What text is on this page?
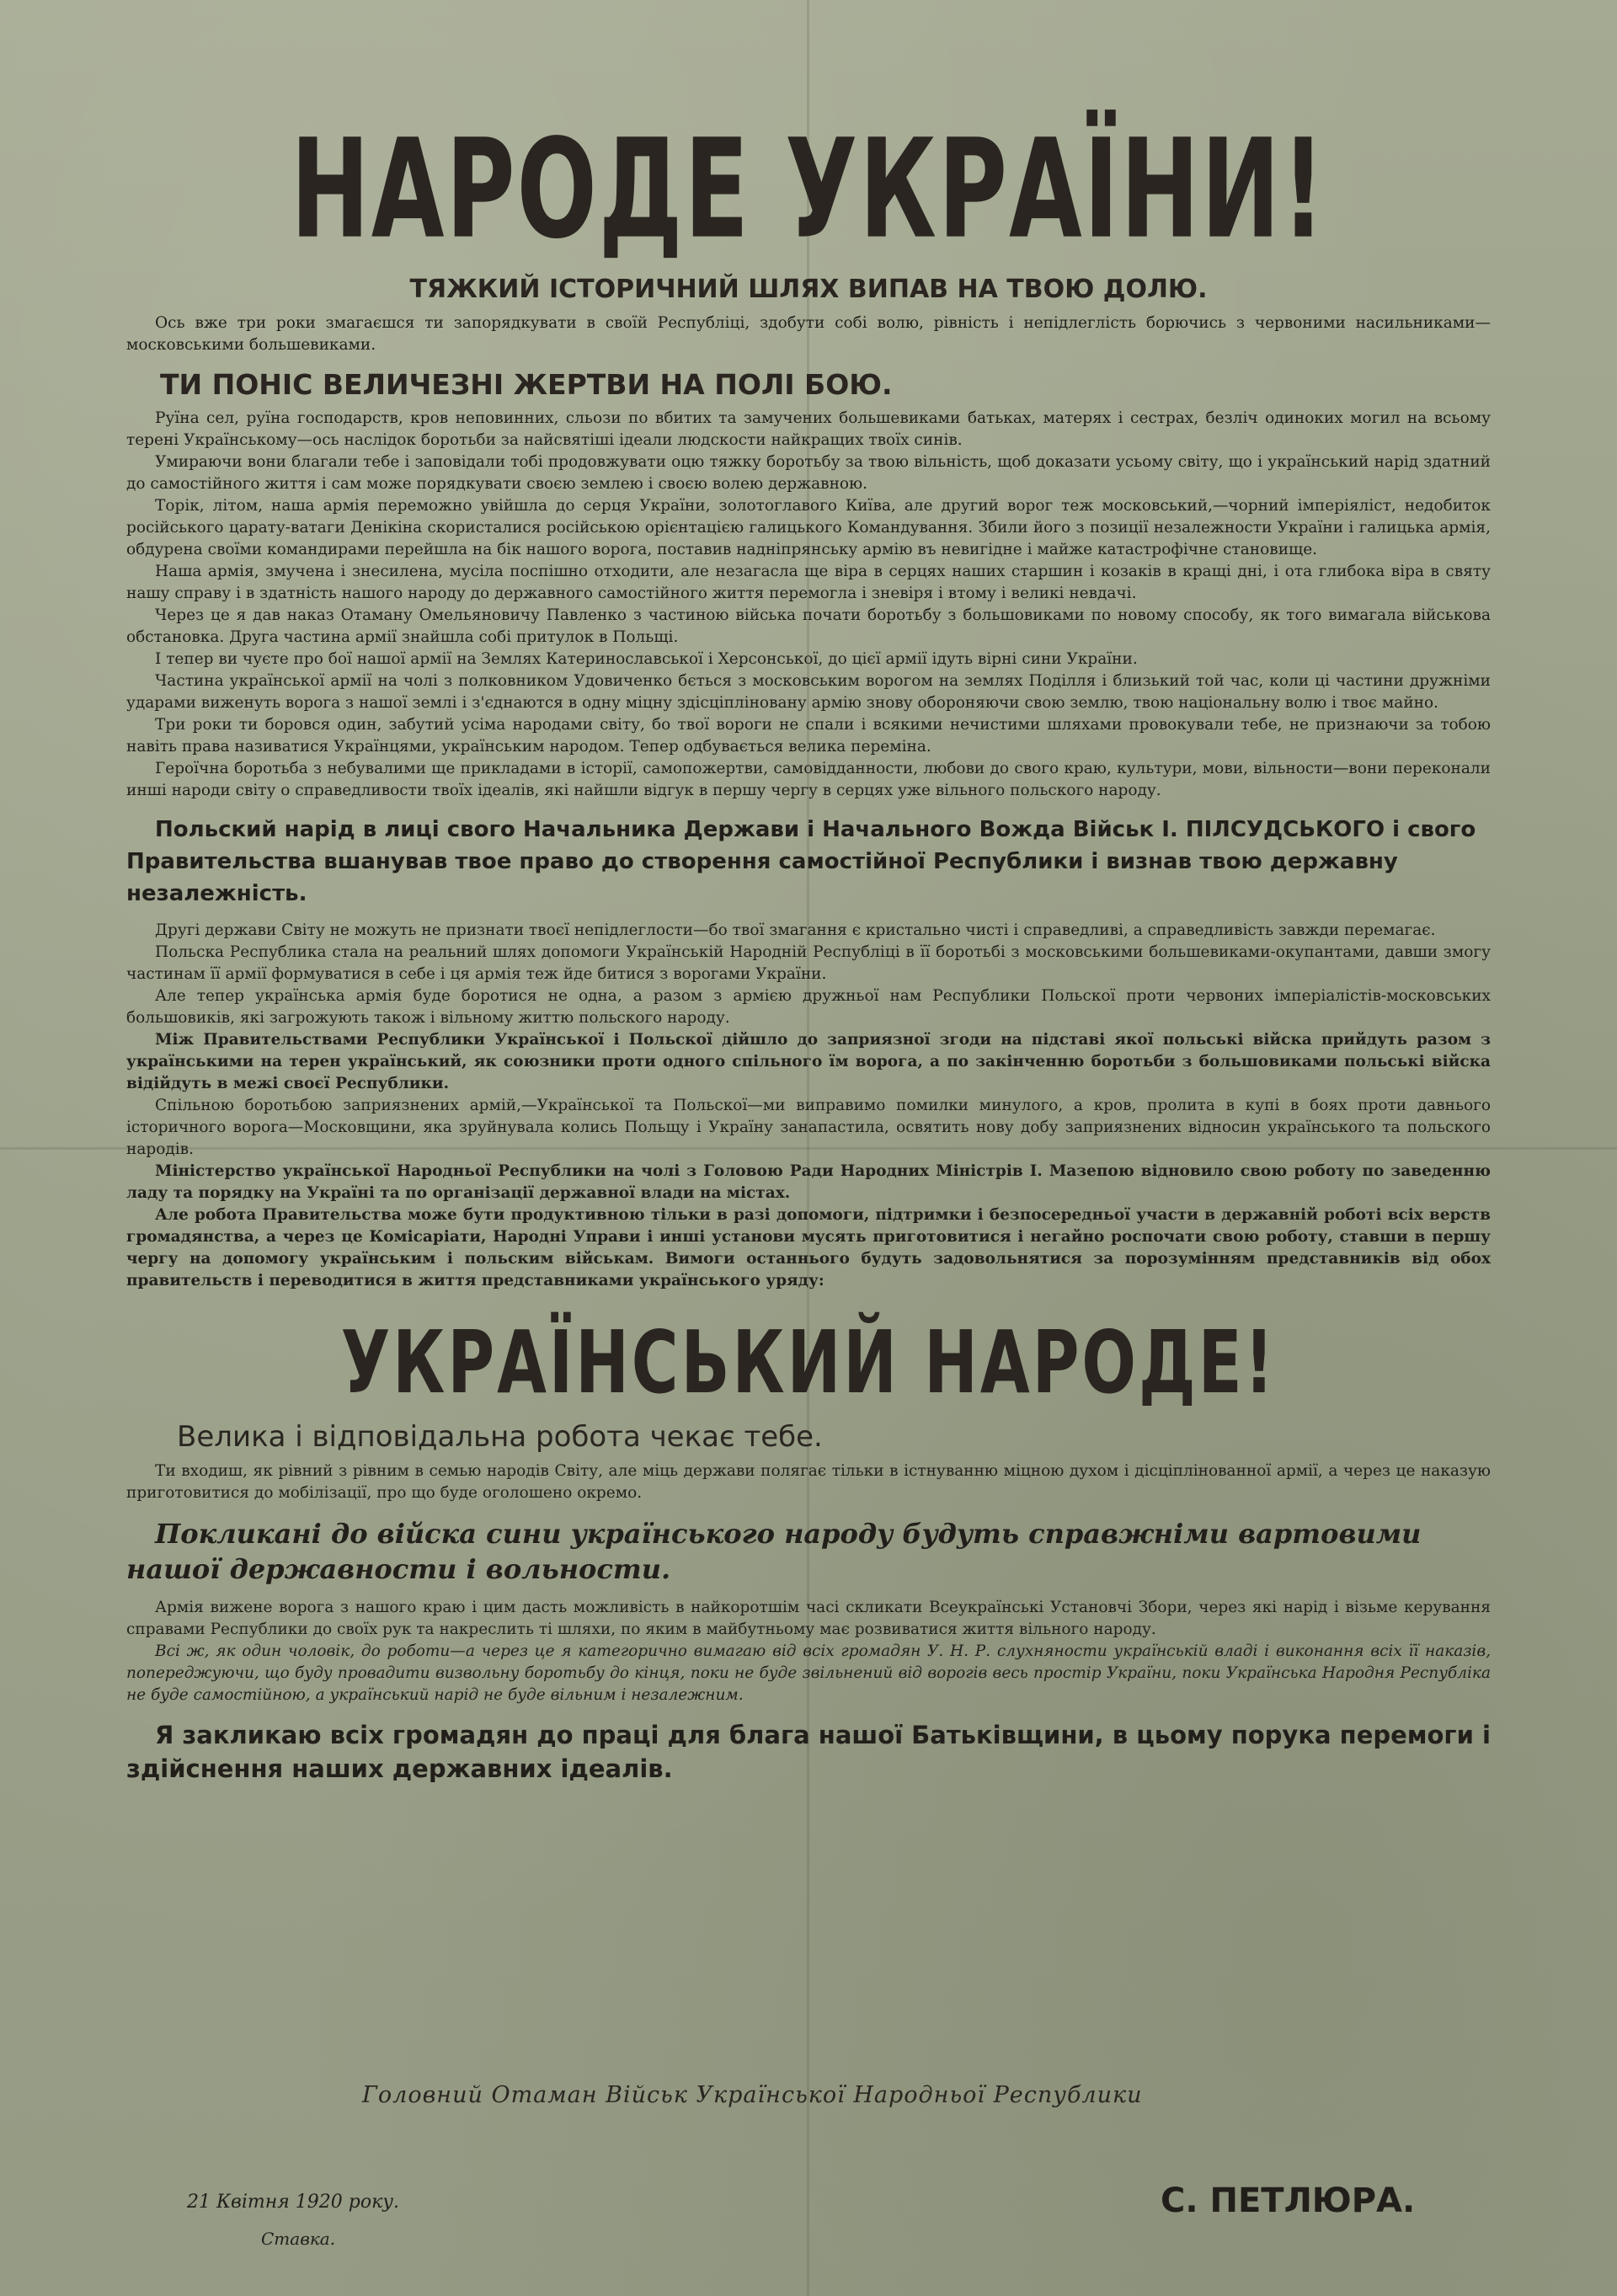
НАРОДЕ УКРАЇНИ!

ТЯЖКИЙ ІСТОРИЧНИЙ ШЛЯХ ВИПАВ НА ТВОЮ ДОЛЮ.

Ось вже три роки змагаєшся ти запорядкувати в своїй Республіці, здобути собі волю, рівність і непідлеглість борючись з червоними насильниками—московськими большевиками.

ТИ ПОНІС ВЕЛИЧЕЗНІ ЖЕРТВИ НА ПОЛІ БОЮ.

Руїна сел, руїна господарств, кров неповинних, сльози по вбитих та замучених большевиками батьках, матерях і сестрах, безліч одиноких могил на всьому терені Українському—ось наслідок боротьби за найсвятіші ідеали людскости найкращих твоїх синів.

Умираючи вони благали тебе і заповідали тобі продовжувати оцю тяжку боротьбу за твою вільність, щоб доказати усьому світу, що і український нарід здатний до самостійного життя і сам може порядкувати своєю землею і своєю волею державною.

Торік, літом, наша армія переможно увійшла до серця України, золотоглавого Київа, але другий ворог теж московський,—чорний імперіяліст, недобиток російського царату-ватаги Денікіна скористалися російською орієнтацією галицького Командування. Збили його з позиції незалежности України і галицька армія, обдурена своїми командирами перейшла на бік нашого ворога, поставив надніпрянську армію въ невигідне і майже катастрофічне становище.

Наша армія, змучена і знесилена, мусіла поспішно отходити, але незагасла ще віра в серцях наших старшин і козаків в кращі дні, і ота глибока віра в святу нашу справу і в здатність нашого народу до державного самостійного життя перемогла і зневіря і втому і великі невдачі.

Через це я дав наказ Отаману Омельяновичу Павленко з частиною війська почати боротьбу з большовиками по новому способу, як того вимагала військова обстановка. Друга частина армії знайшла собі притулок в Польщі.

І тепер ви чуєте про бої нашої армії на Землях Катеринославської і Херсонської, до цієї армії ідуть вірні сини України.

Частина української армії на чолі з полковником Удовиченко бється з московським ворогом на землях Поділля і близький той час, коли ці частини дружніми ударами виженуть ворога з нашої землі і з'єднаются в одну міцну здісціпліновану армію знову обороняючи свою землю, твою національну волю і твоє майно.

Три роки ти боровся один, забутий усіма народами світу, бо твої вороги не спали і всякими нечистими шляхами провокували тебе, не признаючи за тобою навіть права називатися Українцями, українським народом. Тепер одбувається велика переміна.

Героїчна боротьба з небувалими ще прикладами в історії, самопожертви, самовідданности, любови до свого краю, культури, мови, вільности—вони переконали инші народи світу о справедливости твоїх ідеалів, які найшли відгук в першу чергу в серцях уже вільного польского народу.

Польский нарід в лиці свого Начальника Держави і Начального Вожда Військ І. ПІЛСУДСЬКОГО і свого Правительства вшанував твое право до створення самостійної Республики і визнав твою державну незалежність.

Другі держави Світу не можуть не признати твоєї непідлеглости—бо твої змагання є кристально чисті і справедливі, а справедливість завжди перемагає.

Польска Республика стала на реальний шлях допомоги Українській Народній Республіці в її боротьбі з московськими большевиками-окупантами, давши змогу частинам її армії формуватися в себе і ця армія теж йде битися з ворогами України.

Але тепер українська армія буде боротися не одна, а разом з армією дружньої нам Республики Польскої проти червоних імперіалістів-московських большовиків, які загрожують також і вільному життю польского народу.

Між Правительствами Республики Української і Польскої дійшло до заприязної згоди на підставі якої польські війска прийдуть разом з українськими на терен український, як союзники проти одного спільного їм ворога, а по закінченню боротьби з большовиками польські війска відійдуть в межі своєї Республики.

Спільною боротьбою заприязнених армій,—Української та Польскої—ми виправимо помилки минулого, а кров, пролита в купі в боях проти давнього історичного ворога—Московщини, яка зруйнувала колись Польщу і Україну занапастила, освятить нову добу заприязнених відносин українського та польского народів.

Міністерство української Народньої Республики на чолі з Головою Ради Народних Міністрів І. Мазепою відновило свою роботу по заведенню ладу та порядку на Україні та по організації державної влади на містах.

Але робота Правительства може бути продуктивною тільки в разі допомоги, підтримки і безпосередньої участи в державній роботі всіх верств громадянства, а через це Комісаріати, Народні Управи і инші установи мусять приготовитися і негайно роспочати свою роботу, ставши в першу чергу на допомогу українським і польским військам. Вимоги останнього будуть задовольнятися за порозумінням представників від обох правительств і переводитися в життя представниками українського уряду:

УКРАЇНСЬКИЙ НАРОДЕ!

Велика і відповідальна робота чекає тебе.

Ти входиш, як рівний з рівним в семью народів Світу, але міць держави полягає тільки в істнуванню міцною духом і дісціплінованної армії, а через це наказую приготовитися до мобілізації, про що буде оголошено окремо.

Покликані до війска сини українського народу будуть справжніми вартовими нашої державности і вольности.

Армія вижене ворога з нашого краю і цим дасть можливість в найкоротшім часі скликати Всеукраїнські Установчі Збори, через які нарід і візьме керування справами Республики до своїх рук та накреслить ті шляхи, по яким в майбутньому має розвиватися життя вільного народу.

Всі ж, як один чоловік, до роботи—а через це я категорично вимагаю від всіх громадян У. Н. Р. слухняности українській владі і виконання всіх її наказів, попереджуючи, що буду провадити визвольну боротьбу до кінця, поки не буде звільнений від ворогів весь простір України, поки Українська Народня Республіка не буде самостійною, а український нарід не буде вільним і незалежним.

Я закликаю всіх громадян до праці для блага нашої Батьківщини, в цьому порука перемоги і здійснення наших державних ідеалів.

Головний Отаман Військ Української Народньої Республики
21 Квітня 1920 року.
Ставка.
С. ПЕТЛЮРА.
